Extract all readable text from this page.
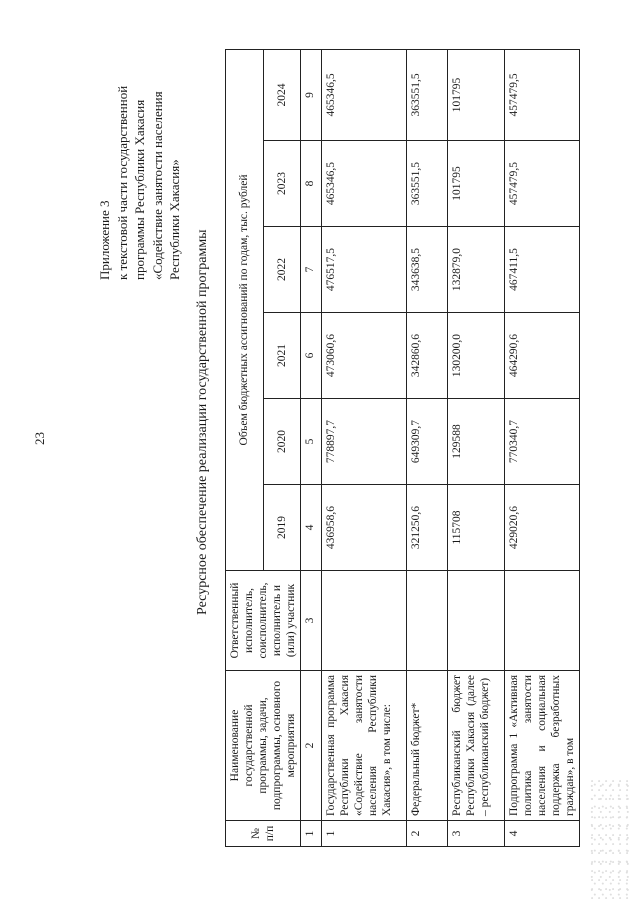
23
Приложение 3 к текстовой части государственной программы Республики Хакасия «Содействие занятости населения Республики Хакасия»
Ресурсное обеспечение реализации государственной программы
№ п/п	Наименование государственной программы, задачи, подпрограммы, основного мероприятия	Ответственный исполнитель, соисполнитель, исполнитель и (или) участник	Объем бюджетных ассигнований по годам, тыс. рублей					
			2019	2020	2021	2022	2023	2024
1	2	3	4	5	6	7	8	9
1	Государственная программа Республики Хакасия «Содействие занятости населения Республики Хакасия», в том числе:		436958,6	778897,7	473060,6	476517,5	465346,5	465346,5
2	Федеральный бюджет*		321250,6	649309,7	342860,6	343638,5	363551,5	363551,5
3	Республиканский бюджет Республики Хакасия (далее – республиканский бюджет)		115708	129588	130200,0	132879,0	101795	101795
4	Подпрограмма 1 «Активная политика занятости населения и социальная поддержка безработных граждан», в том		429020,6	770340,7	464290,6	467411,5	457479,5	457479,5
